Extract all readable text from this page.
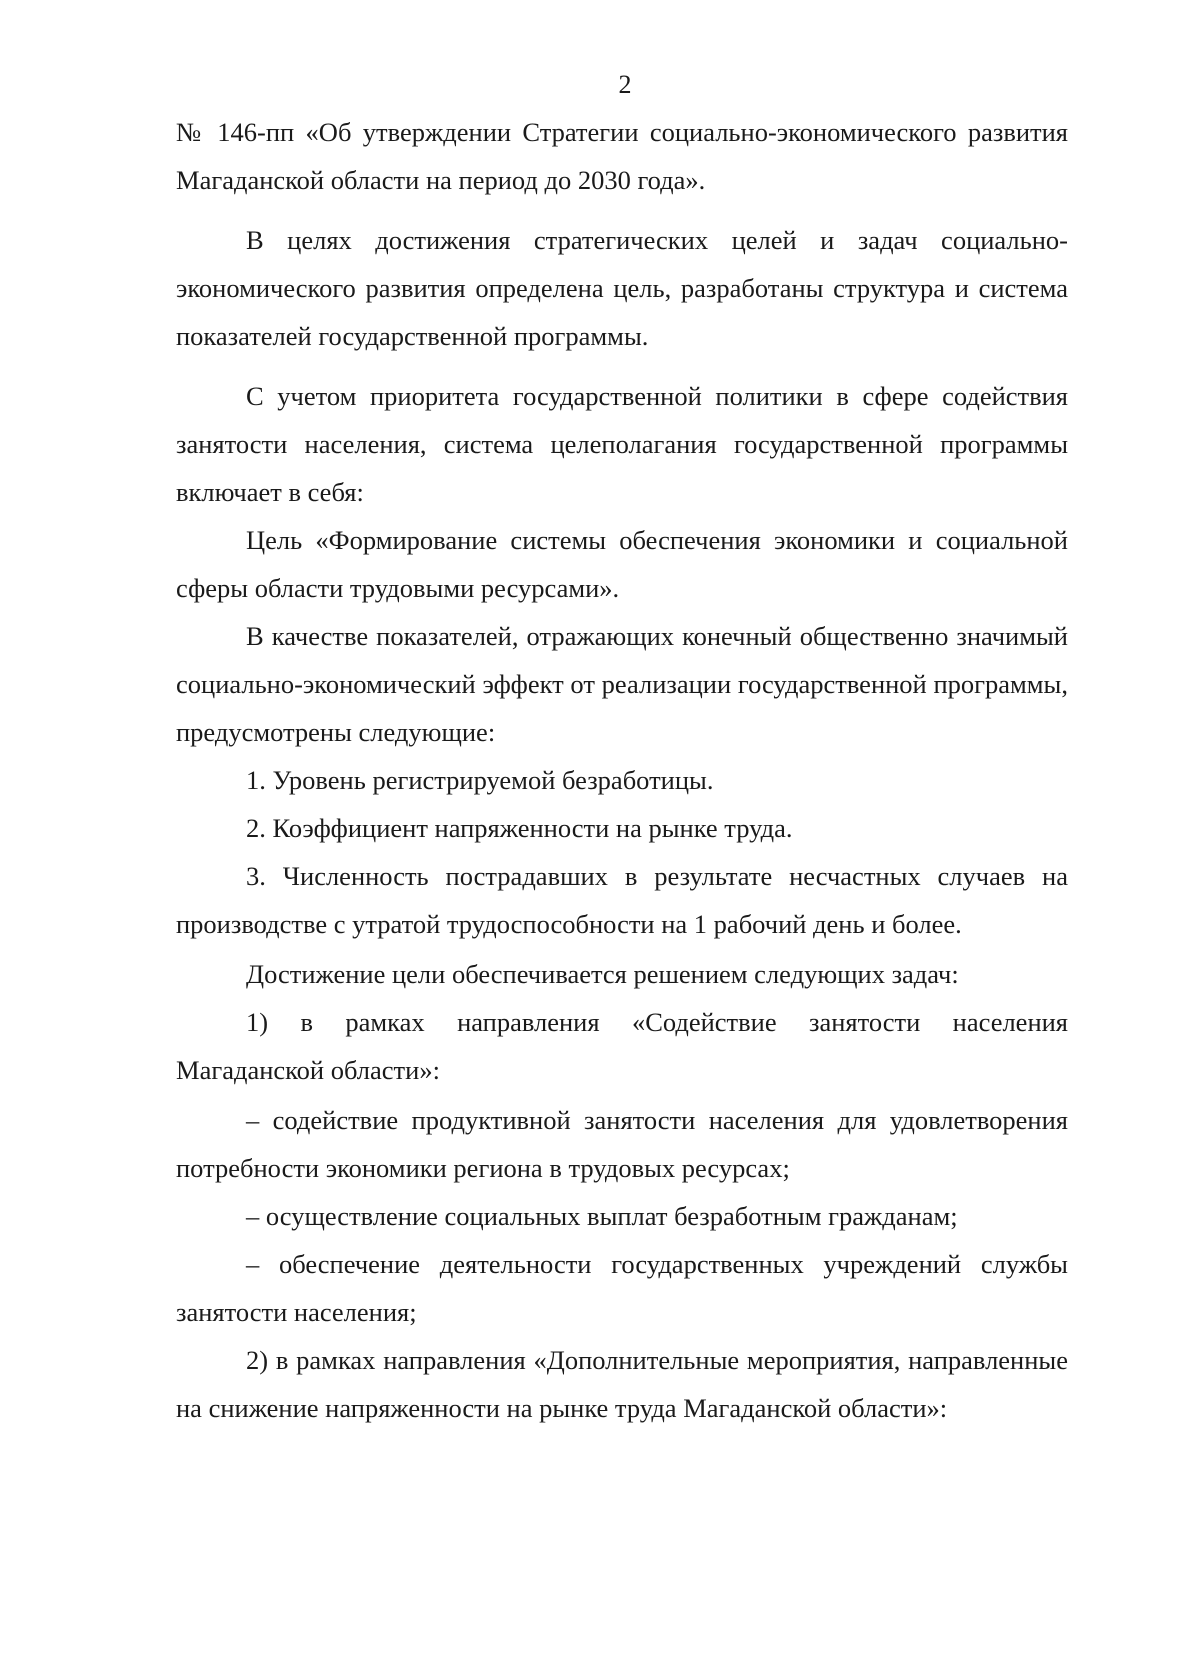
2

№ 146-пп «Об утверждении Стратегии социально-экономического развития Магаданской области на период до 2030 года».

В целях достижения стратегических целей и задач социально-экономического развития определена цель, разработаны структура и система показателей государственной программы.

С учетом приоритета государственной политики в сфере содействия занятости населения, система целеполагания государственной программы включает в себя:

Цель «Формирование системы обеспечения экономики и социальной сферы области трудовыми ресурсами».

В качестве показателей, отражающих конечный общественно значимый социально-экономический эффект от реализации государственной программы, предусмотрены следующие:

1. Уровень регистрируемой безработицы.

2. Коэффициент напряженности на рынке труда.

3. Численность пострадавших в результате несчастных случаев на производстве с утратой трудоспособности на 1 рабочий день и более.

Достижение цели обеспечивается решением следующих задач:

1) в рамках направления «Содействие занятости населения Магаданской области»:

– содействие продуктивной занятости населения для удовлетворения потребности экономики региона в трудовых ресурсах;

– осуществление социальных выплат безработным гражданам;

– обеспечение деятельности государственных учреждений службы занятости населения;

2) в рамках направления «Дополнительные мероприятия, направленные на снижение напряженности на рынке труда Магаданской области»:
